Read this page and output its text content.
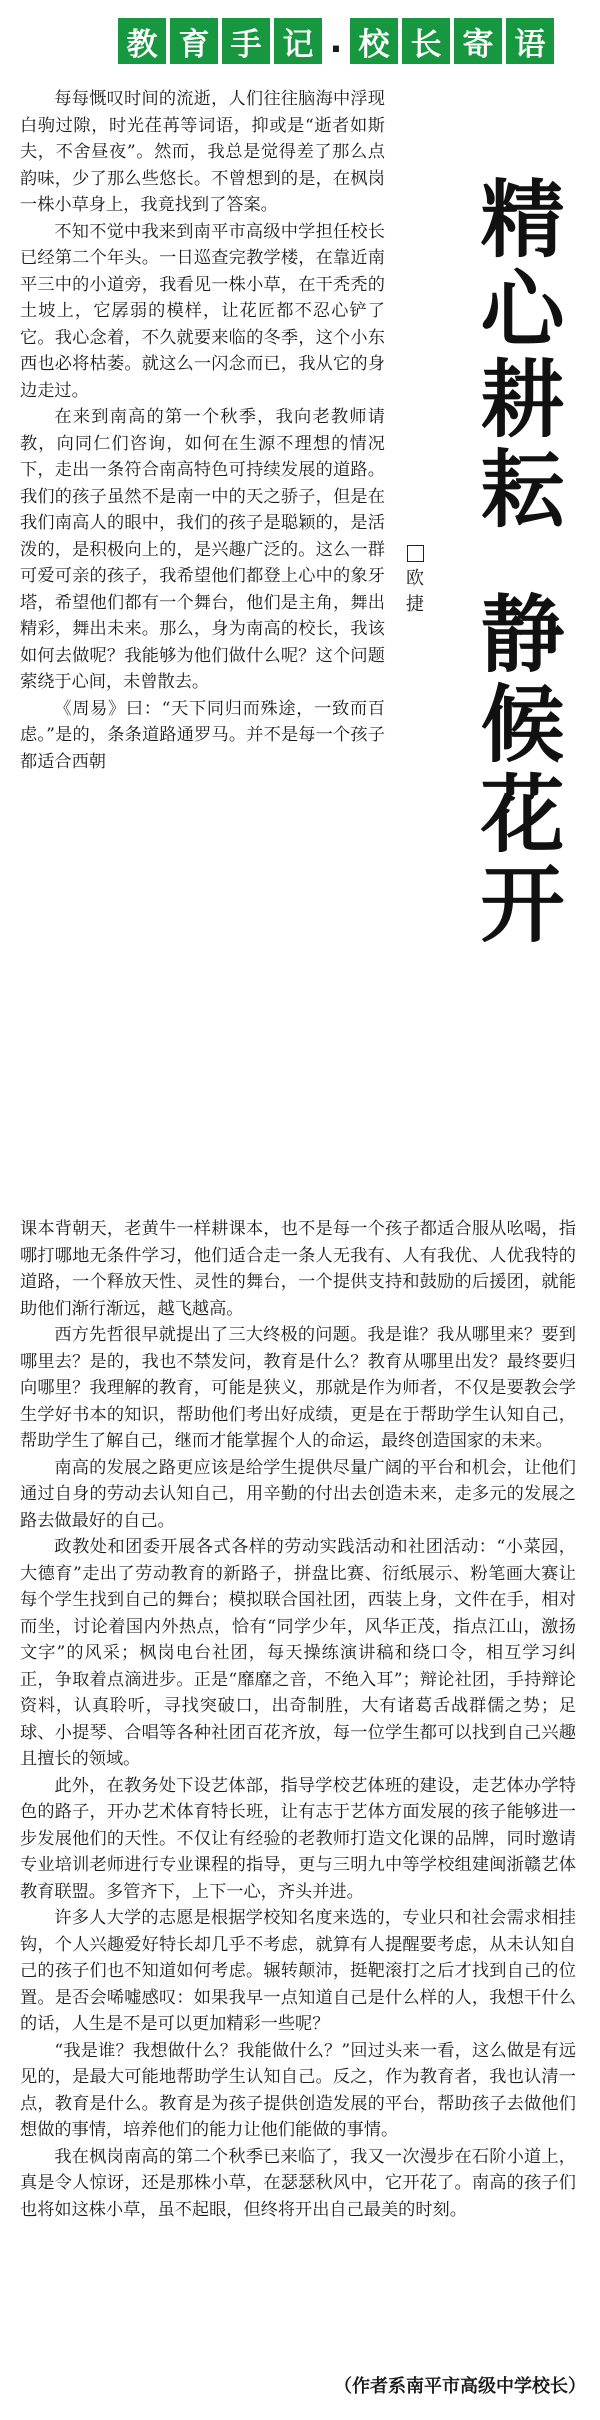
教 育 手 记 . 校 长 寄 语

每每慨叹时间的流逝，人们往往脑海中浮现白驹过隙，时光荏苒等词语，抑或是“逝者如斯夫，不舍昼夜”。然而，我总是觉得差了那么点韵味，少了那么些悠长。不曾想到的是，在枫岗一株小草身上，我竟找到了答案。

不知不觉中我来到南平市高级中学担任校长已经第二个年头。一日巡查完教学楼，在靠近南平三中的小道旁，我看见一株小草，在干秃秃的土坡上，它孱弱的模样，让花匠都不忍心铲了它。我心念着，不久就要来临的冬季，这个小东西也必将枯萎。就这么一闪念而已，我从它的身边走过。

在来到南高的第一个秋季，我向老教师请教，向同仁们咨询，如何在生源不理想的情况下，走出一条符合南高特色可持续发展的道路。我们的孩子虽然不是南一中的天之骄子，但是在我们南高人的眼中，我们的孩子是聪颖的，是活泼的，是积极向上的，是兴趣广泛的。这么一群可爱可亲的孩子，我希望他们都登上心中的象牙塔，希望他们都有一个舞台，他们是主角，舞出精彩，舞出未来。那么，身为南高的校长，我该如何去做呢？我能够为他们做什么呢？这个问题萦绕于心间，未曾散去。

《周易》曰：“天下同归而殊途，一致而百虑。”是的，条条道路通罗马。并不是每一个孩子都适合西朝

精心耕耘
静候花开
欧捷

课本背朝天，老黄牛一样耕课本，也不是每一个孩子都适合服从吆喝，指哪打哪地无条件学习，他们适合走一条人无我有、人有我优、人优我特的道路，一个释放天性、灵性的舞台，一个提供支持和鼓励的后援团，就能助他们渐行渐远，越飞越高。

西方先哲很早就提出了三大终极的问题。我是谁？我从哪里来？要到哪里去？是的，我也不禁发问，教育是什么？教育从哪里出发？最终要归向哪里？我理解的教育，可能是狭义，那就是作为师者，不仅是要教会学生学好书本的知识，帮助他们考出好成绩，更是在于帮助学生认知自己，帮助学生了解自己，继而才能掌握个人的命运，最终创造国家的未来。

南高的发展之路更应该是给学生提供尽量广阔的平台和机会，让他们通过自身的劳动去认知自己，用辛勤的付出去创造未来，走多元的发展之路去做最好的自己。

政教处和团委开展各式各样的劳动实践活动和社团活动：“小菜园，大德育”走出了劳动教育的新路子，拼盘比赛、衍纸展示、粉笔画大赛让每个学生找到自己的舞台；模拟联合国社团，西装上身，文件在手，相对而坐，讨论着国内外热点，恰有“同学少年，风华正茂，指点江山，激扬文字”的风采；枫岗电台社团，每天操练演讲稿和绕口令，相互学习纠正，争取着点滴进步。正是“靡靡之音，不绝入耳”；辩论社团，手持辩论资料，认真聆听，寻找突破口，出奇制胜，大有诸葛舌战群儒之势；足球、小提琴、合唱等各种社团百花齐放，每一位学生都可以找到自己兴趣且擅长的领域。

此外，在教务处下设艺体部，指导学校艺体班的建设，走艺体办学特色的路子，开办艺术体育特长班，让有志于艺体方面发展的孩子能够进一步发展他们的天性。不仅让有经验的老教师打造文化课的品牌，同时邀请专业培训老师进行专业课程的指导，更与三明九中等学校组建闽浙赣艺体教育联盟。多管齐下，上下一心，齐头并进。

许多人大学的志愿是根据学校知名度来选的，专业只和社会需求相挂钩，个人兴趣爱好特长却几乎不考虑，就算有人提醒要考虑，从未认知自己的孩子们也不知道如何考虑。辗转颠沛，挺靶滚打之后才找到自己的位置。是否会唏嘘感叹：如果我早一点知道自己是什么样的人，我想干什么的话，人生是不是可以更加精彩一些呢？

“我是谁？我想做什么？我能做什么？”回过头来一看，这么做是有远见的，是最大可能地帮助学生认知自己。反之，作为教育者，我也认清一点，教育是什么。教育是为孩子提供创造发展的平台，帮助孩子去做他们想做的事情，培养他们的能力让他们能做的事情。

我在枫岗南高的第二个秋季已来临了，我又一次漫步在石阶小道上，真是令人惊讶，还是那株小草，在瑟瑟秋风中，它开花了。南高的孩子们也将如这株小草，虽不起眼，但终将开出自己最美的时刻。

（作者系南平市高级中学校长）
